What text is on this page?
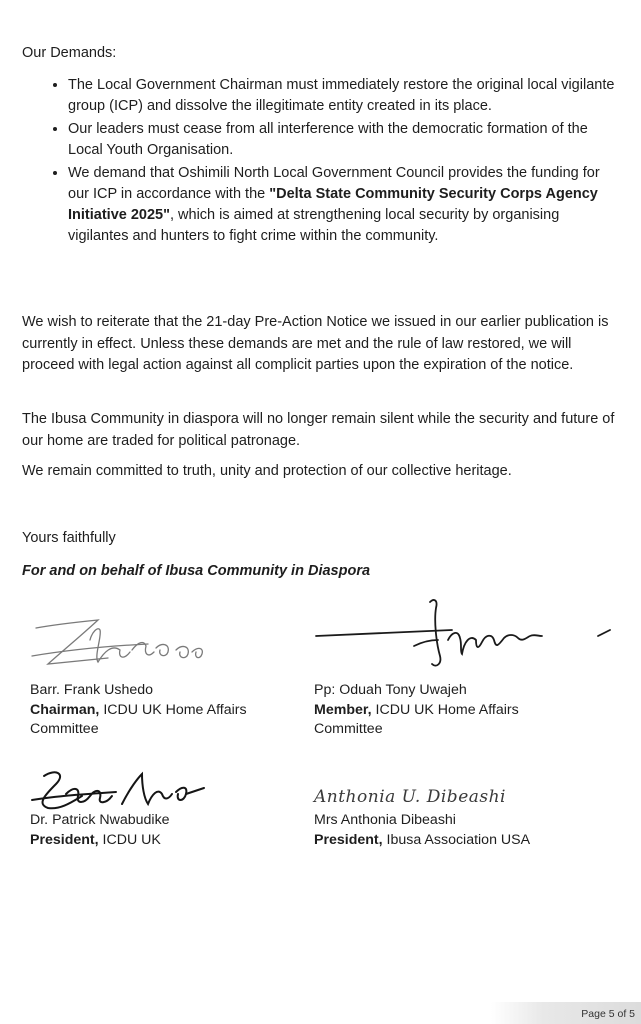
Our Demands:
• The Local Government Chairman must immediately restore the original local vigilante group (ICP) and dissolve the illegitimate entity created in its place.
• Our leaders must cease from all interference with the democratic formation of the Local Youth Organisation.
• We demand that Oshimili North Local Government Council provides the funding for our ICP in accordance with the "Delta State Community Security Corps Agency Initiative 2025", which is aimed at strengthening local security by organising vigilantes and hunters to fight crime within the community.

We wish to reiterate that the 21-day Pre-Action Notice we issued in our earlier publication is currently in effect. Unless these demands are met and the rule of law restored, we will proceed with legal action against all complicit parties upon the expiration of the notice.

The Ibusa Community in diaspora will no longer remain silent while the security and future of our home are traded for political patronage.

We remain committed to truth, unity and protection of our collective heritage.

Yours faithfully
For and on behalf of Ibusa Community in Diaspora
Barr. Frank Ushedo
Chairman, ICDU UK Home Affairs
Committee
Pp: Oduah Tony Uwajeh
Member, ICDU UK Home Affairs
Committee
Anthonia U. Dibeashi
Dr. Patrick Nwabudike
President, ICDU UK
Mrs Anthonia Dibeashi
President, Ibusa Association USA
Page 5 of 5
